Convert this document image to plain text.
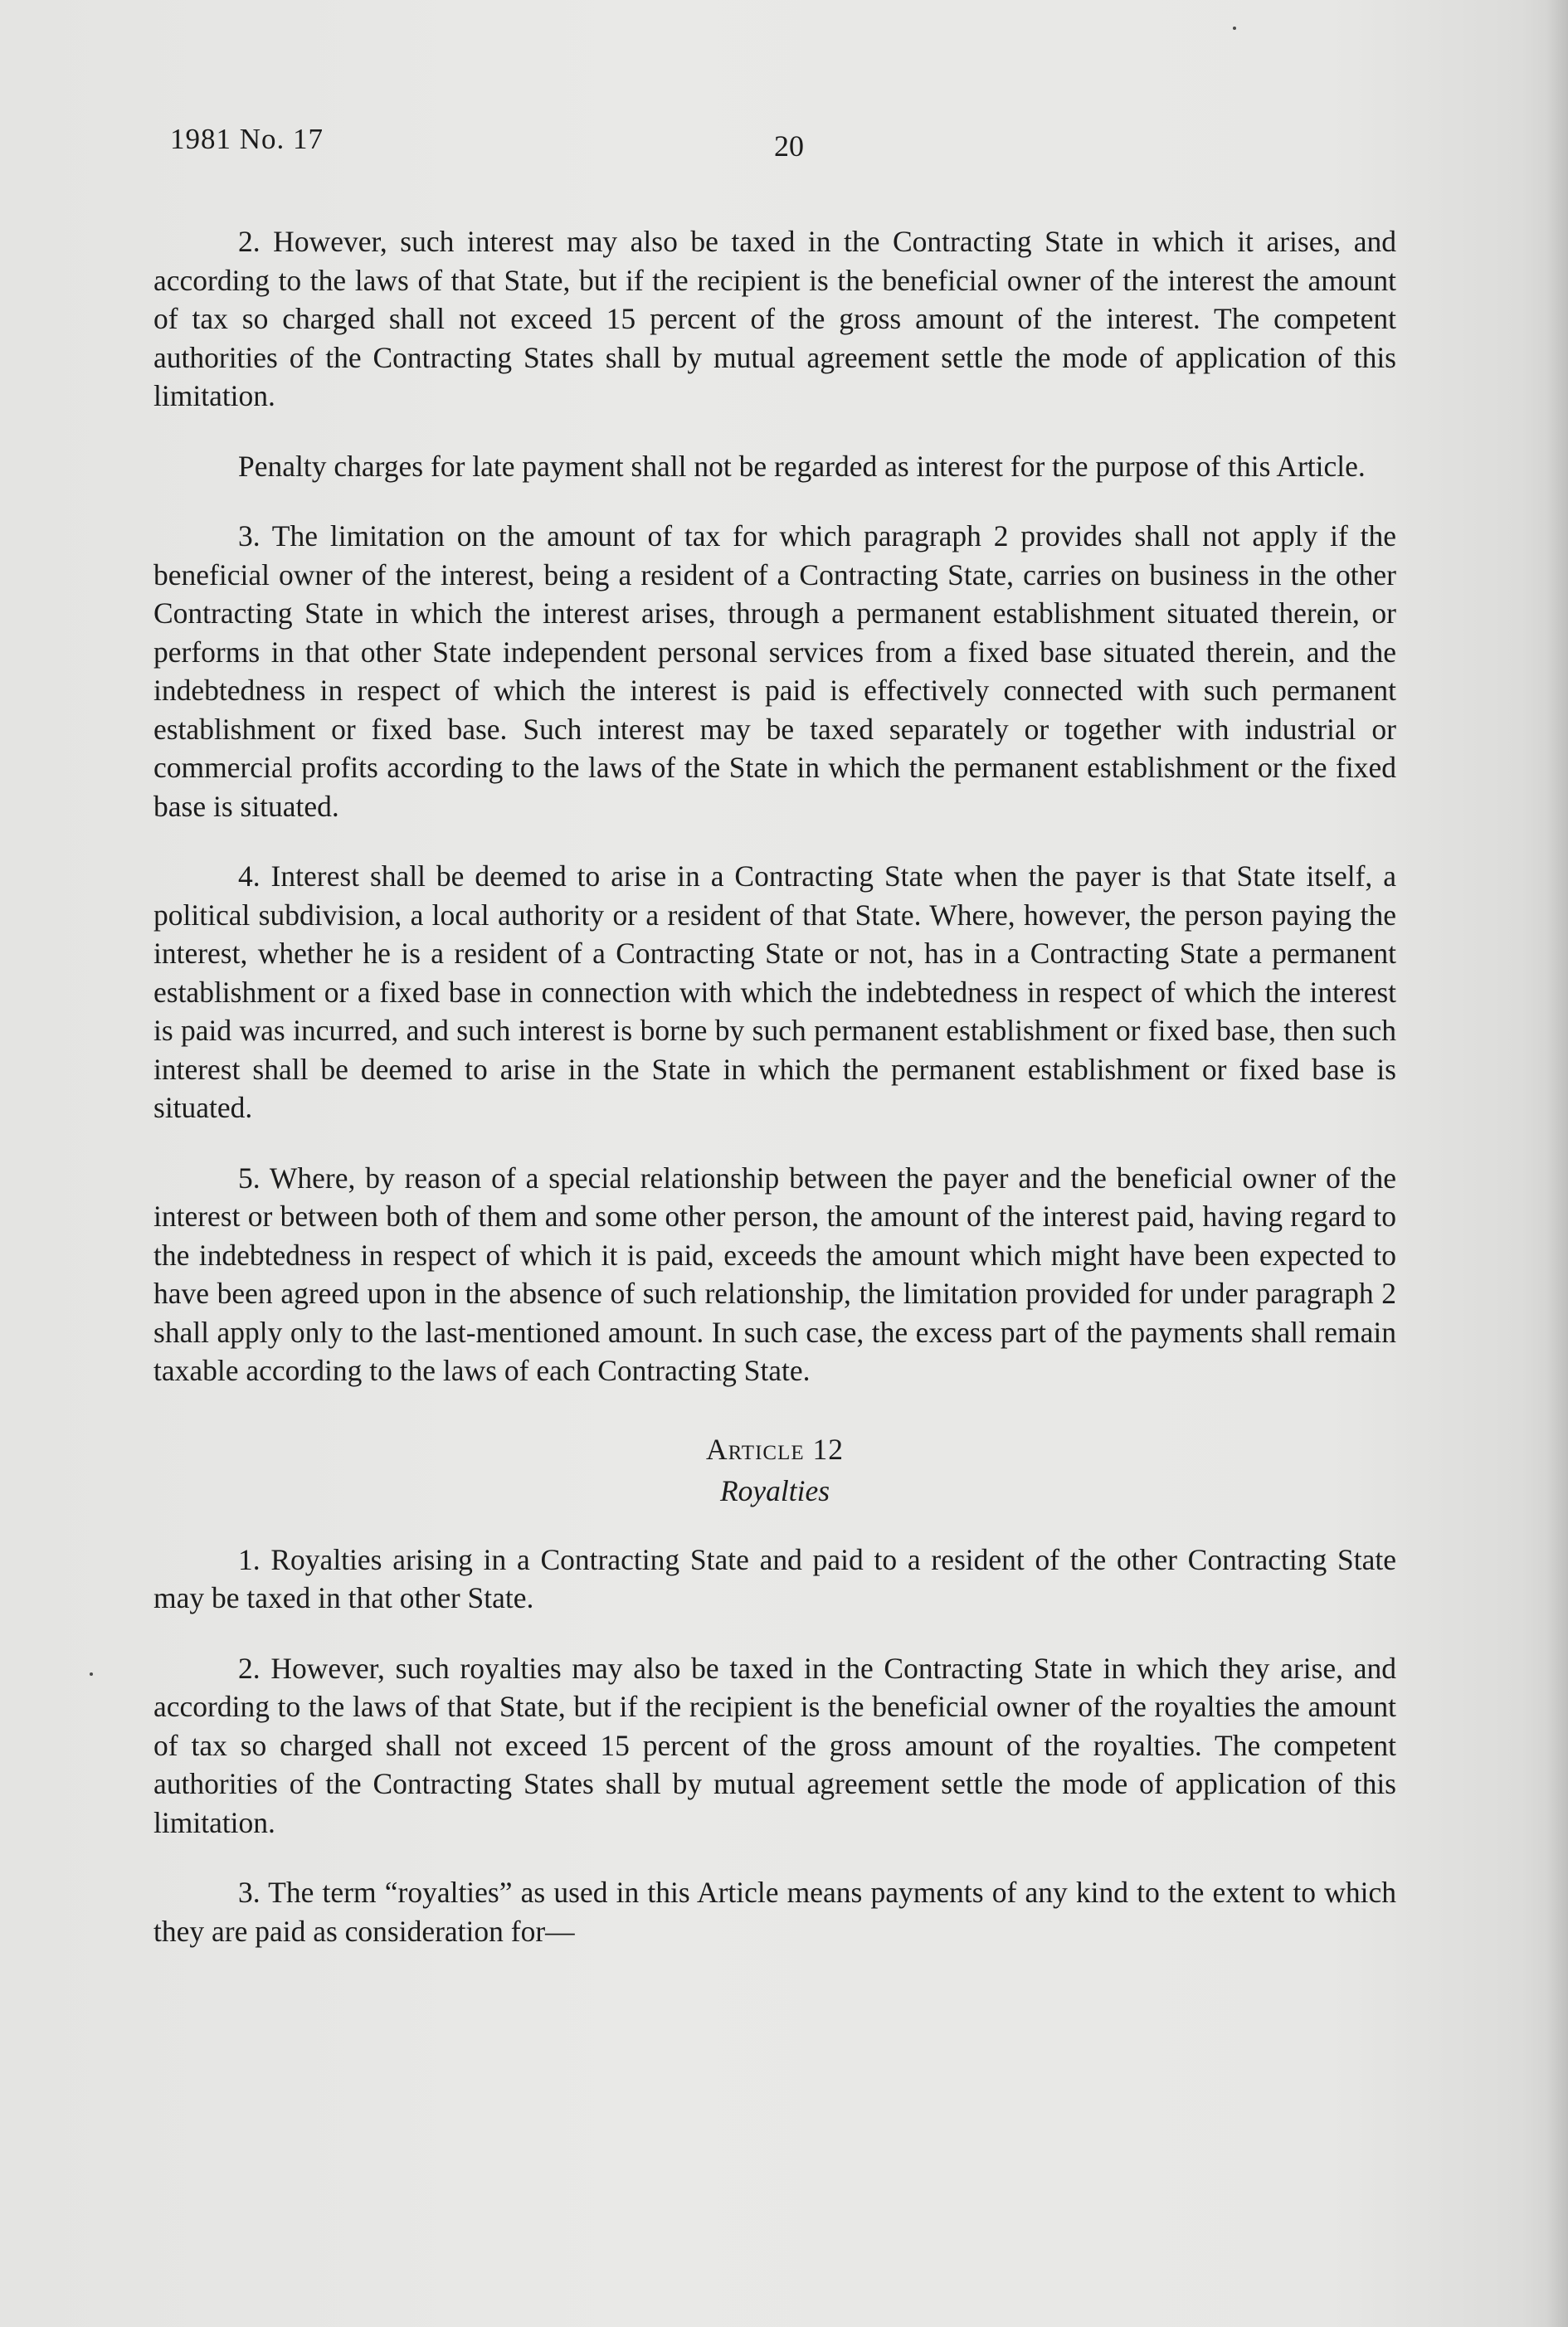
1981 No. 17	20

2. However, such interest may also be taxed in the Contracting State in which it arises, and according to the laws of that State, but if the recipient is the beneficial owner of the interest the amount of tax so charged shall not exceed 15 percent of the gross amount of the interest. The competent authorities of the Contracting States shall by mutual agreement settle the mode of application of this limitation.

Penalty charges for late payment shall not be regarded as interest for the purpose of this Article.

3. The limitation on the amount of tax for which paragraph 2 provides shall not apply if the beneficial owner of the interest, being a resident of a Contracting State, carries on business in the other Contracting State in which the interest arises, through a permanent establishment situated therein, or performs in that other State independent personal services from a fixed base situated therein, and the indebtedness in respect of which the interest is paid is effectively connected with such permanent establishment or fixed base. Such interest may be taxed separately or together with industrial or commercial profits according to the laws of the State in which the permanent establishment or the fixed base is situated.

4. Interest shall be deemed to arise in a Contracting State when the payer is that State itself, a political subdivision, a local authority or a resident of that State. Where, however, the person paying the interest, whether he is a resident of a Contracting State or not, has in a Contracting State a permanent establishment or a fixed base in connection with which the indebtedness in respect of which the interest is paid was incurred, and such interest is borne by such permanent establishment or fixed base, then such interest shall be deemed to arise in the State in which the permanent establishment or fixed base is situated.

5. Where, by reason of a special relationship between the payer and the beneficial owner of the interest or between both of them and some other person, the amount of the interest paid, having regard to the indebtedness in respect of which it is paid, exceeds the amount which might have been expected to have been agreed upon in the absence of such relationship, the limitation provided for under paragraph 2 shall apply only to the last-mentioned amount. In such case, the excess part of the payments shall remain taxable according to the laws of each Contracting State.

Article 12

Royalties

1. Royalties arising in a Contracting State and paid to a resident of the other Contracting State may be taxed in that other State.

2. However, such royalties may also be taxed in the Contracting State in which they arise, and according to the laws of that State, but if the recipient is the beneficial owner of the royalties the amount of tax so charged shall not exceed 15 percent of the gross amount of the royalties. The competent authorities of the Contracting States shall by mutual agreement settle the mode of application of this limitation.

3. The term “royalties” as used in this Article means payments of any kind to the extent to which they are paid as consideration for—
